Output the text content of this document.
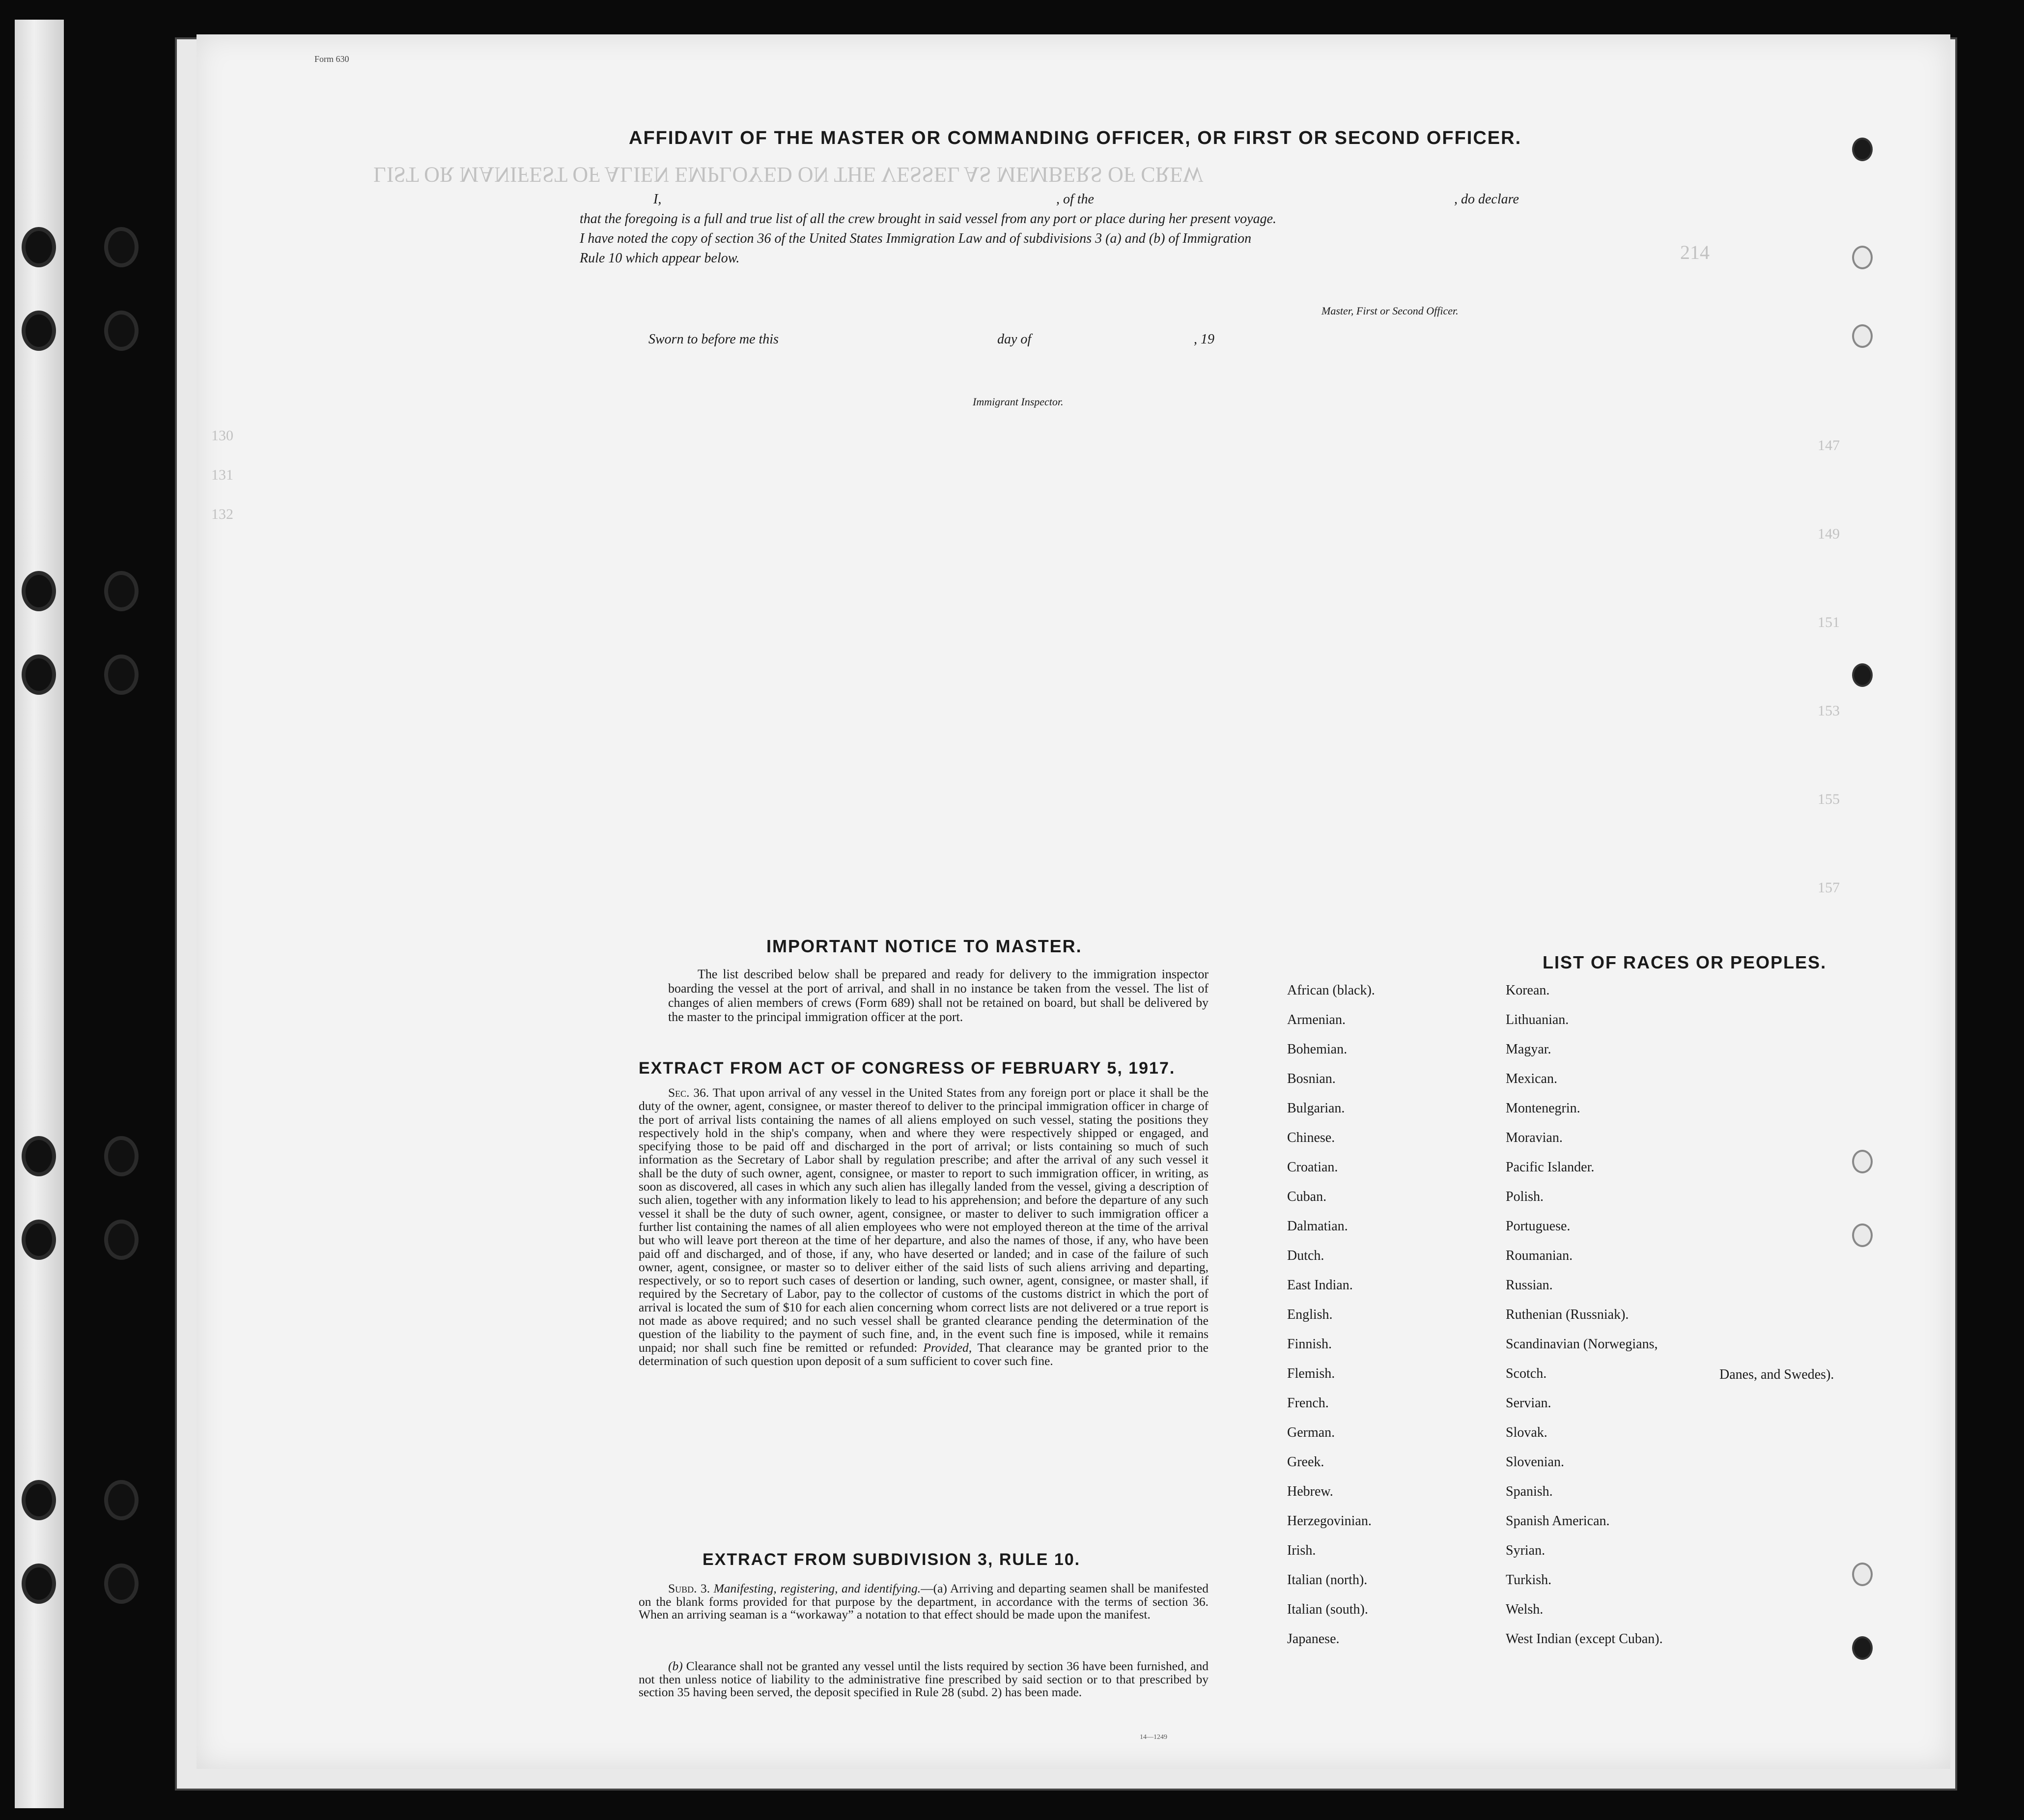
LIST OR MANIFEST OF ALIEN EMPLOYED ON THE VESSEL AS MEMBERS OF CREW
214
130
131
132
147
149
151
153
155
157
Form 630
AFFIDAVIT OF THE MASTER OR COMMANDING OFFICER, OR FIRST OR SECOND OFFICER.
I,	, of the	, do declare
that the foregoing is a full and true list of all the crew brought in said vessel from any port or place during her present voyage.
I have noted the copy of section 36 of the United States Immigration Law and of subdivisions 3 (a) and (b) of Immigration
Rule 10 which appear below.
Master, First or Second Officer.
Sworn to before me this	day of	, 19
Immigrant Inspector.
IMPORTANT NOTICE TO MASTER.
The list described below shall be prepared and ready for delivery to the immigration inspector boarding the vessel at the port of arrival, and shall in no instance be taken from the vessel. The list of changes of alien members of crews (Form 689) shall not be retained on board, but shall be delivered by the master to the principal immigration officer at the port.
EXTRACT FROM ACT OF CONGRESS OF FEBRUARY 5, 1917.
Sec. 36. That upon arrival of any vessel in the United States from any foreign port or place it shall be the duty of the owner, agent, consignee, or master thereof to deliver to the principal immigration officer in charge of the port of arrival lists containing the names of all aliens employed on such vessel, stating the positions they respectively hold in the ship's company, when and where they were respectively shipped or engaged, and specifying those to be paid off and discharged in the port of arrival; or lists containing so much of such information as the Secretary of Labor shall by regulation prescribe; and after the arrival of any such vessel it shall be the duty of such owner, agent, consignee, or master to report to such immigration officer, in writing, as soon as discovered, all cases in which any such alien has illegally landed from the vessel, giving a description of such alien, together with any information likely to lead to his apprehension; and before the departure of any such vessel it shall be the duty of such owner, agent, consignee, or master to deliver to such immigration officer a further list containing the names of all alien employees who were not employed thereon at the time of the arrival but who will leave port thereon at the time of her departure, and also the names of those, if any, who have been paid off and discharged, and of those, if any, who have deserted or landed; and in case of the failure of such owner, agent, consignee, or master so to deliver either of the said lists of such aliens arriving and departing, respectively, or so to report such cases of desertion or landing, such owner, agent, consignee, or master shall, if required by the Secretary of Labor, pay to the collector of customs of the customs district in which the port of arrival is located the sum of $10 for each alien concerning whom correct lists are not delivered or a true report is not made as above required; and no such vessel shall be granted clearance pending the determination of the question of the liability to the payment of such fine, and, in the event such fine is imposed, while it remains unpaid; nor shall such fine be remitted or refunded: Provided, That clearance may be granted prior to the determination of such question upon deposit of a sum sufficient to cover such fine.
EXTRACT FROM SUBDIVISION 3, RULE 10.
Subd. 3. Manifesting, registering, and identifying.—(a) Arriving and departing seamen shall be manifested on the blank forms provided for that purpose by the department, in accordance with the terms of section 36. When an arriving seaman is a “workaway” a notation to that effect should be made upon the manifest.
(b) Clearance shall not be granted any vessel until the lists required by section 36 have been furnished, and not then unless notice of liability to the administrative fine prescribed by said section or to that prescribed by section 35 having been served, the deposit specified in Rule 28 (subd. 2) has been made.
14—1249
LIST OF RACES OR PEOPLES.
African (black).
Armenian.
Bohemian.
Bosnian.
Bulgarian.
Chinese.
Croatian.
Cuban.
Dalmatian.
Dutch.
East Indian.
English.
Finnish.
Flemish.
French.
German.
Greek.
Hebrew.
Herzegovinian.
Irish.
Italian (north).
Italian (south).
Japanese.
Korean.
Lithuanian.
Magyar.
Mexican.
Montenegrin.
Moravian.
Pacific Islander.
Polish.
Portuguese.
Roumanian.
Russian.
Ruthenian (Russniak).
Scandinavian (Norwegians,
Scotch.
Servian.
Slovak.
Slovenian.
Spanish.
Spanish American.
Syrian.
Turkish.
Welsh.
West Indian (except Cuban).
Danes, and Swedes).
